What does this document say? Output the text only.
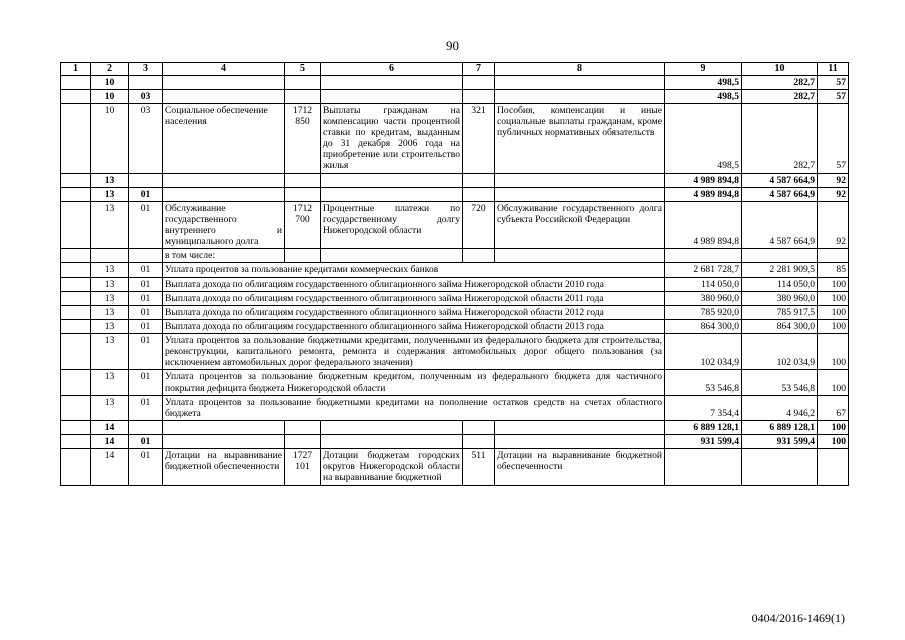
90
1	2	3	4	5	6	7	8	9	10	11
	10							498,5	282,7	57
	10	03						498,5	282,7	57
	10	03	Социальное обеспечение населения	1712 850	Выплаты гражданам на компенсацию части процентной ставки по кредитам, выданным до 31 декабря 2006 года на приобретение или строительство жилья	321	Пособия, компенсации и иные социальные выплаты гражданам, кроме публичных нормативных обязательств	498,5	282,7	57
	13							4 989 894,8	4 587 664,9	92
	13	01						4 989 894,8	4 587 664,9	92
	13	01	Обслуживание государственного внутреннего и муниципального долга	1712 700	Процентные платежи по государственному долгу Нижегородской области	720	Обслуживание государственного долга субъекта Российской Федерации	4 989 894,8	4 587 664,9	92
			в том числе:							
	13	01	Уплата процентов за пользование кредитами коммерческих банков					2 681 728,7	2 281 909,5	85
	13	01	Выплата дохода по облигациям государственного облигационного займа Нижегородской области 2010 года					114 050,0	114 050,0	100
	13	01	Выплата дохода по облигациям государственного облигационного займа Нижегородской области 2011 года					380 960,0	380 960,0	100
	13	01	Выплата дохода по облигациям государственного облигационного займа Нижегородской области 2012 года					785 920,0	785 917,5	100
	13	01	Выплата дохода по облигациям государственного облигационного займа Нижегородской области 2013 года					864 300,0	864 300,0	100
	13	01	Уплата процентов за пользование бюджетными кредитами, полученными из федерального бюджета для строительства, реконструкции, капитального ремонта, ремонта и содержания автомобильных дорог общего пользования (за исключением автомобильных дорог федерального значения)					102 034,9	102 034,9	100
	13	01	Уплата процентов за пользование бюджетным кредитом, полученным из федерального бюджета для частичного покрытия дефицита бюджета Нижегородской области					53 546,8	53 546,8	100
	13	01	Уплата процентов за пользование бюджетными кредитами на пополнение остатков средств на счетах областного бюджета					7 354,4	4 946,2	67
	14							6 889 128,1	6 889 128,1	100
	14	01						931 599,4	931 599,4	100
	14	01	Дотации на выравнивание бюджетной обеспеченности	1727 101	Дотации бюджетам городских округов Нижегородской области на выравнивание бюджетной	511	Дотации на выравнивание бюджетной обеспеченности			
0404/2016-1469(1)
